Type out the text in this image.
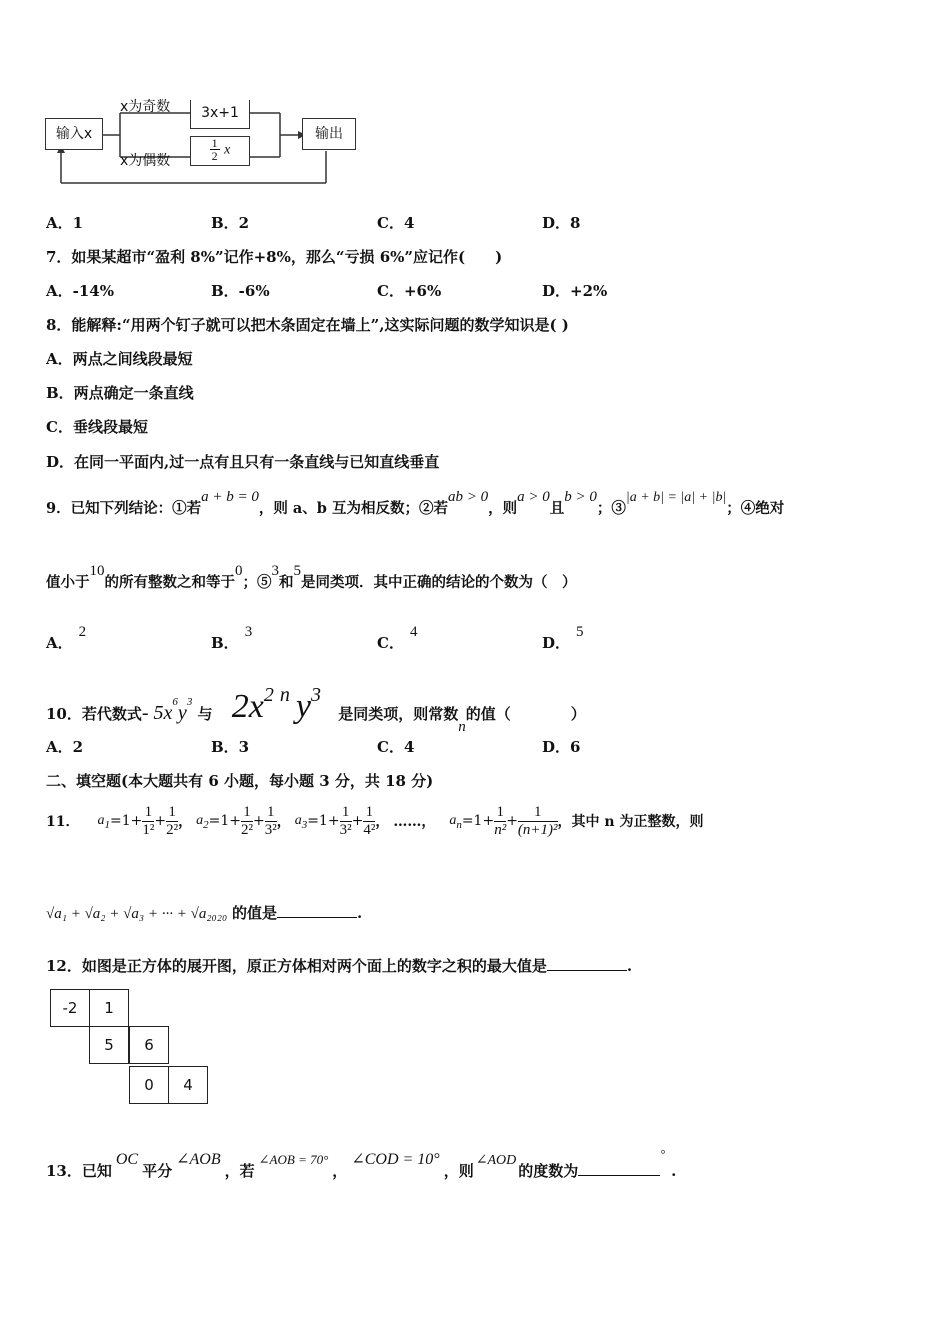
输入x
x为奇数
x为偶数
3x+1
$\frac{1}{2}$ x
输出
A．1	B．2	C．4	D．8
7．如果某超市“盈利 8%”记作+8%，那么“亏损 6%”应记作(　　)
A．-14%	B．-6%	C．+6%	D．+2%
8．能解释:“用两个钉子就可以把木条固定在墙上”,这实际问题的数学知识是( )
A．两点之间线段最短
B．两点确定一条直线
C．垂线段最短
D．在同一平面内,过一点有且只有一条直线与已知直线垂直
9．已知下列结论：①若a + b = 0，则 a、b 互为相反数；②若ab > 0，则a > 0且b > 0；③|a + b| = |a| + |b|；④绝对
值小于10的所有整数之和等于0；⑤3和5是同类项．其中正确的结论的个数为（　）
A．2
B．3
C．4
D．5
10．若代数式- 5x6y3 与 2x2ny3 是同类项，则常数n的值（　　　　）
A．2	B．3	C．4	D．6
二、填空题(本大题共有 6 小题，每小题 3 分，共 18 分)
11． a $1 =1+ \frac{1}{\text{1²}} + \frac{1}{\text{2²}}$ ， a $2 =1+ \frac{1}{\text{2²}} + \frac{1}{\text{3²}}$ ， a $3 =1+ \frac{1}{\text{3²}} + \frac{1}{\text{4²}}$ ， ……， a $n =1+ \frac{1}{\text{n²}} + \frac{1}{\text{(n+1)²}}$ ，其中 n 为正整数，则
√a₁ + √a₂ + √a₃ + ··· + √a₂₀₂₀ 的值是	.
12．如图是正方体的展开图，原正方体相对两个面上的数字之积的最大值是	.
-2	1
5	6
0	4
13．已知OC平分∠AOB，若∠AOB = 70°，∠COD = 10°，则∠AOD的度数为°.
